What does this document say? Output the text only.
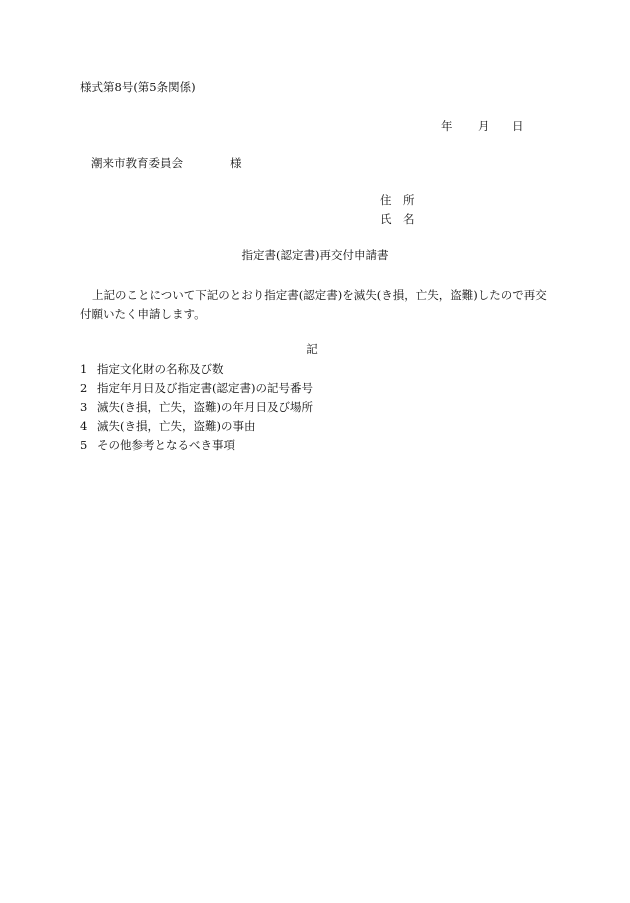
様式第8号(第5条関係)
年 月 日
潮来市教育委員会	様
住　所
氏　名
指定書(認定書)再交付申請書
上記のことについて下記のとおり指定書(認定書)を滅失(き損，亡失，盗難)したので再交付願いたく申請します。
記
1 指定文化財の名称及び数
2 指定年月日及び指定書(認定書)の記号番号
3 滅失(き損，亡失，盗難)の年月日及び場所
4 滅失(き損，亡失，盗難)の事由
5 その他参考となるべき事項
